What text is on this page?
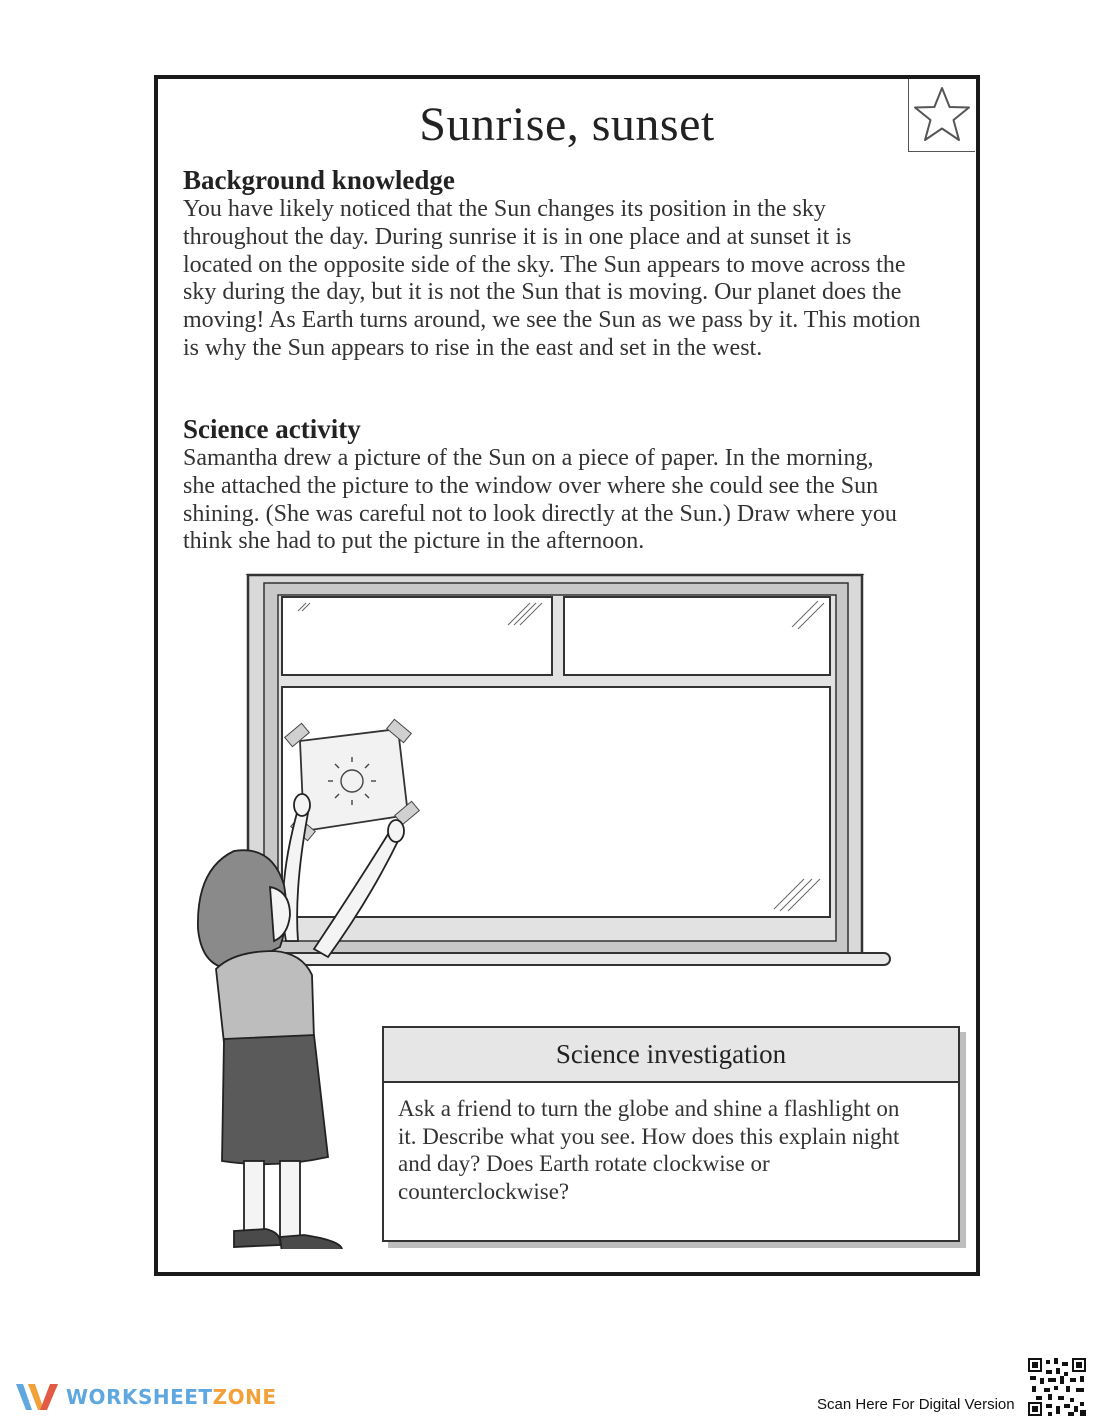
Sunrise, sunset
Background knowledge
You have likely noticed that the Sun changes its position in the sky
throughout the day. During sunrise it is in one place and at sunset it is
located on the opposite side of the sky. The Sun appears to move across the
sky during the day, but it is not the Sun that is moving. Our planet does the
moving! As Earth turns around, we see the Sun as we pass by it. This motion
is why the Sun appears to rise in the east and set in the west.
Science activity
Samantha drew a picture of the Sun on a piece of paper. In the morning,
she attached the picture to the window over where she could see the Sun
shining. (She was careful not to look directly at the Sun.) Draw where you
think she had to put the picture in the afternoon.
Science investigation
Ask a friend to turn the globe and shine a flashlight on
it. Describe what you see. How does this explain night
and day? Does Earth rotate clockwise or
counterclockwise?
WORKSHEETZONE	Scan Here For Digital Version
